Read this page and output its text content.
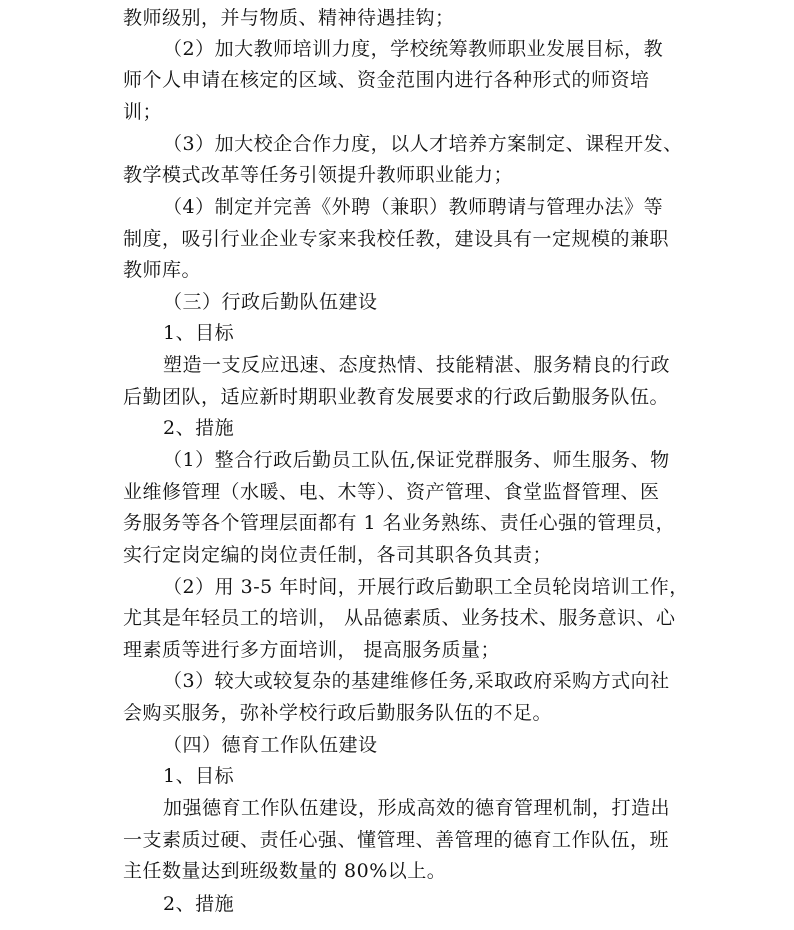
教师级别，并与物质、精神待遇挂钩；
（2）加大教师培训力度，学校统筹教师职业发展目标，教
师个人申请在核定的区域、资金范围内进行各种形式的师资培
训；
（3）加大校企合作力度，以人才培养方案制定、课程开发、
教学模式改革等任务引领提升教师职业能力；
（4）制定并完善《外聘（兼职）教师聘请与管理办法》等
制度，吸引行业企业专家来我校任教，建设具有一定规模的兼职
教师库。
（三）行政后勤队伍建设
1、目标
塑造一支反应迅速、态度热情、技能精湛、服务精良的行政
后勤团队，适应新时期职业教育发展要求的行政后勤服务队伍。
2、措施
（1）整合行政后勤员工队伍,保证党群服务、师生服务、物
业维修管理（水暖、电、木等）、资产管理、食堂监督管理、医
务服务等各个管理层面都有 1 名业务熟练、责任心强的管理员，
实行定岗定编的岗位责任制，各司其职各负其责；
（2）用 3-5 年时间，开展行政后勤职工全员轮岗培训工作，
尤其是年轻员工的培训， 从品德素质、业务技术、服务意识、心
理素质等进行多方面培训， 提高服务质量；
（3）较大或较复杂的基建维修任务,采取政府采购方式向社
会购买服务，弥补学校行政后勤服务队伍的不足。
（四）德育工作队伍建设
1、目标
加强德育工作队伍建设，形成高效的德育管理机制，打造出
一支素质过硬、责任心强、懂管理、善管理的德育工作队伍，班
主任数量达到班级数量的 80%以上。
2、措施
